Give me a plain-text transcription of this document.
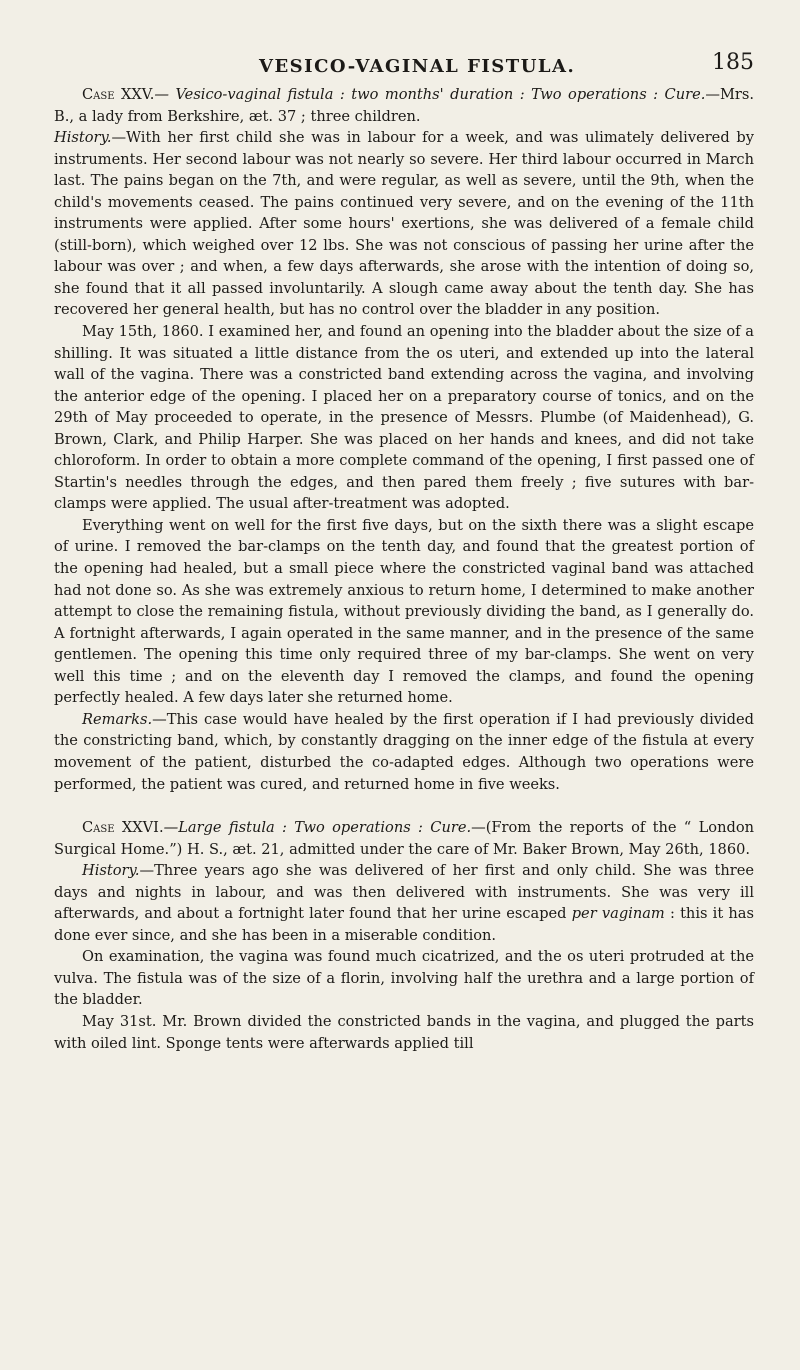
VESICO-VAGINAL FISTULA.	185

Case XXV.— Vesico-vaginal fistula : two months' duration : Two operations : Cure.—Mrs. B., a lady from Berkshire, æt. 37 ; three children.
History.—With her first child she was in labour for a week, and was ulimately delivered by instruments. Her second labour was not nearly so severe. Her third labour occurred in March last. The pains began on the 7th, and were regular, as well as severe, until the 9th, when the child's movements ceased. The pains continued very severe, and on the evening of the 11th instruments were applied. After some hours' exertions, she was delivered of a female child (still-born), which weighed over 12 lbs. She was not conscious of passing her urine after the labour was over ; and when, a few days afterwards, she arose with the intention of doing so, she found that it all passed involuntarily. A slough came away about the tenth day. She has recovered her general health, but has no control over the bladder in any position.

May 15th, 1860. I examined her, and found an opening into the bladder about the size of a shilling. It was situated a little distance from the os uteri, and extended up into the lateral wall of the vagina. There was a constricted band extending across the vagina, and involving the anterior edge of the opening. I placed her on a preparatory course of tonics, and on the 29th of May proceeded to operate, in the presence of Messrs. Plumbe (of Maidenhead), G. Brown, Clark, and Philip Harper. She was placed on her hands and knees, and did not take chloroform. In order to obtain a more complete command of the opening, I first passed one of Startin's needles through the edges, and then pared them freely ; five sutures with bar-clamps were applied. The usual after-treatment was adopted.

Everything went on well for the first five days, but on the sixth there was a slight escape of urine. I removed the bar-clamps on the tenth day, and found that the greatest portion of the opening had healed, but a small piece where the constricted vaginal band was attached had not done so. As she was extremely anxious to return home, I determined to make another attempt to close the remaining fistula, without previously dividing the band, as I generally do. A fortnight afterwards, I again operated in the same manner, and in the presence of the same gentlemen. The opening this time only required three of my bar-clamps. She went on very well this time ; and on the eleventh day I removed the clamps, and found the opening perfectly healed. A few days later she returned home.

Remarks.—This case would have healed by the first operation if I had previously divided the constricting band, which, by constantly dragging on the inner edge of the fistula at every movement of the patient, disturbed the co-adapted edges. Although two operations were performed, the patient was cured, and returned home in five weeks.

Case XXVI.—Large fistula : Two operations : Cure.—(From the reports of the “ London Surgical Home.”) H. S., æt. 21, admitted under the care of Mr. Baker Brown, May 26th, 1860.

History.—Three years ago she was delivered of her first and only child. She was three days and nights in labour, and was then delivered with instruments. She was very ill afterwards, and about a fortnight later found that her urine escaped per vaginam : this it has done ever since, and she has been in a miserable condition.

On examination, the vagina was found much cicatrized, and the os uteri protruded at the vulva. The fistula was of the size of a florin, involving half the urethra and a large portion of the bladder.

May 31st. Mr. Brown divided the constricted bands in the vagina, and plugged the parts with oiled lint. Sponge tents were afterwards applied till
